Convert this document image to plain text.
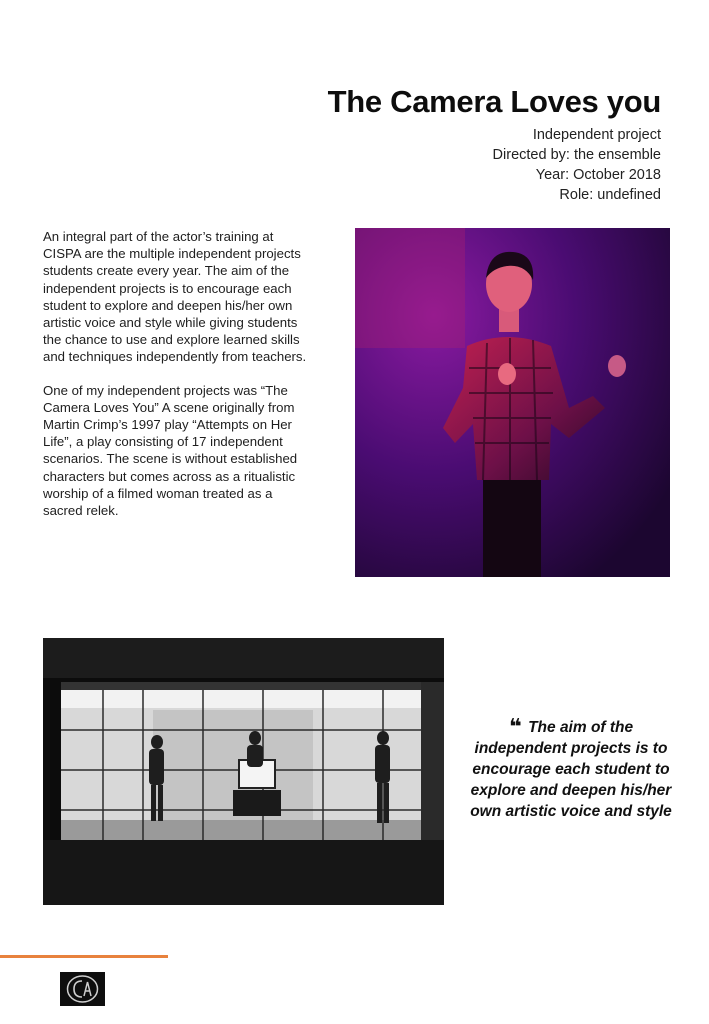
The Camera Loves you
Independent project
Directed by: the ensemble
Year: October 2018
Role: undefined

An integral part of the actor’s training at CISPA are the multiple independent projects students create every year. The aim of the independent projects is to encourage each student to explore and deepen his/her own artistic voice and style while giving students the chance to use and explore learned skills and techniques independently from teachers.

One of my independent projects was “The Camera Loves You” A scene originally from Martin Crimp’s 1997 play “Attempts on Her Life”, a play consisting of 17 independent scenarios. The scene is without established characters but comes across as a ritualistic worship of a filmed woman treated as a sacred relek.

❝ The aim of the independent projects is to encourage each student to explore and deepen his/her own artistic voice and style
